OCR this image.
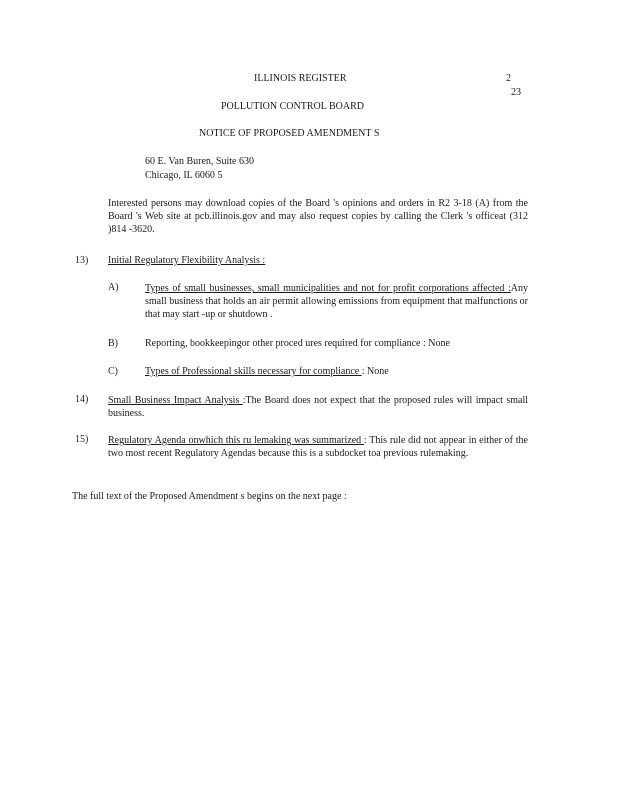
ILLINOIS REGISTER	2
23
POLLUTION CONTROL BOARD
NOTICE OF PROPOSED AMENDMENT S
60 E. Van Buren, Suite 630
Chicago, IL 6060 5
Interested persons may download copies of the Board 's opinions and orders in R2 3-18 (A) from the Board 's Web site at pcb.illinois.gov and may also request copies by calling the Clerk 's officeat (312 )814 -3620.
13) Initial Regulatory Flexibility Analysis :
A)	Types of small businesses, small municipalities and not for profit corporations affected :Any small business that holds an air permit allowing emissions from equipment that malfunctions or that may start -up or shutdown .
B)	Reporting, bookkeepingor other proced ures required for compliance : None
C)	Types of Professional skills necessary for compliance : None
14) Small Business Impact Analysis :The Board does not expect that the proposed rules will impact small business.
15) Regulatory Agenda onwhich this ru lemaking was summarized : This rule did not appear in either of the two most recent Regulatory Agendas because this is a subdocket toa previous rulemaking.
The full text of the Proposed Amendment s begins on the next page :
